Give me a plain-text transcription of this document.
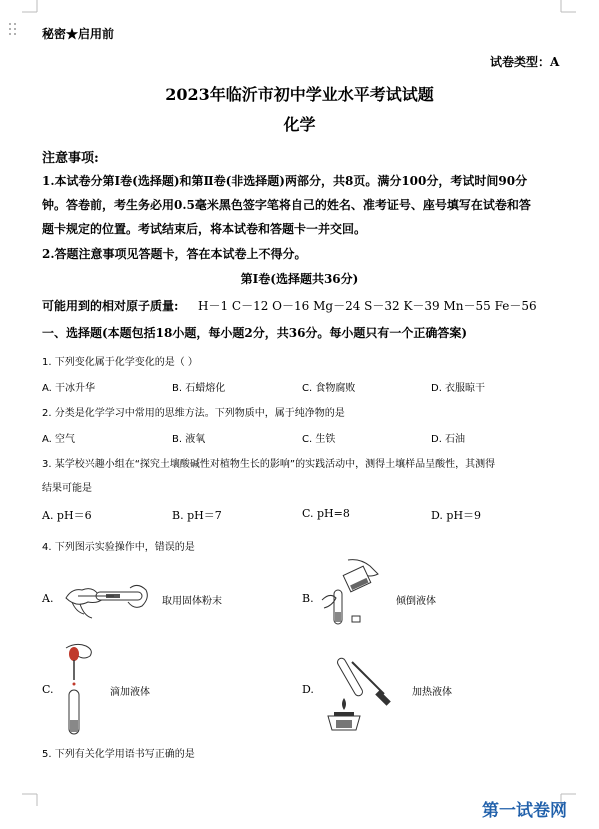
秘密★启用前
试卷类型：A
2023年临沂市初中学业水平考试试题
化学
注意事项:
1.本试卷分第Ⅰ卷(选择题)和第Ⅱ卷(非选择题)两部分，共8页。满分100分，考试时间90分
钟。答卷前，考生务必用0.5毫米黑色签字笔将自己的姓名、准考证号、座号填写在试卷和答
题卡规定的位置。考试结束后，将本试卷和答题卡一并交回。
2.答题注意事项见答题卡，答在本试卷上不得分。
第Ⅰ卷(选择题共36分)
可能用到的相对原子质量: H－1 C－12 O－16 Mg－24 S－32 K－39 Mn－55 Fe－56
一、选择题(本题包括18小题，每小题2分，共36分。每小题只有一个正确答案)
1. 下列变化属于化学变化的是（ ）
A. 干冰升华	B. 石蜡熔化	C. 食物腐败	D. 衣服晾干
2. 分类是化学学习中常用的思维方法。下列物质中，属于纯净物的是
A. 空气	B. 液氧	C. 生铁	D. 石油
3. 某学校兴趣小组在“探究土壤酸碱性对植物生长的影响”的实践活动中，测得土壤样品呈酸性，其测得
结果可能是
A. pH＝6	B. pH＝7	C. pH=8	D. pH＝9
4. 下列图示实验操作中，错误的是
A.	取用固体粉末	B.	倾倒液体
C.	滴加液体	D.	加热液体
5. 下列有关化学用语书写正确的是
第一试卷网
